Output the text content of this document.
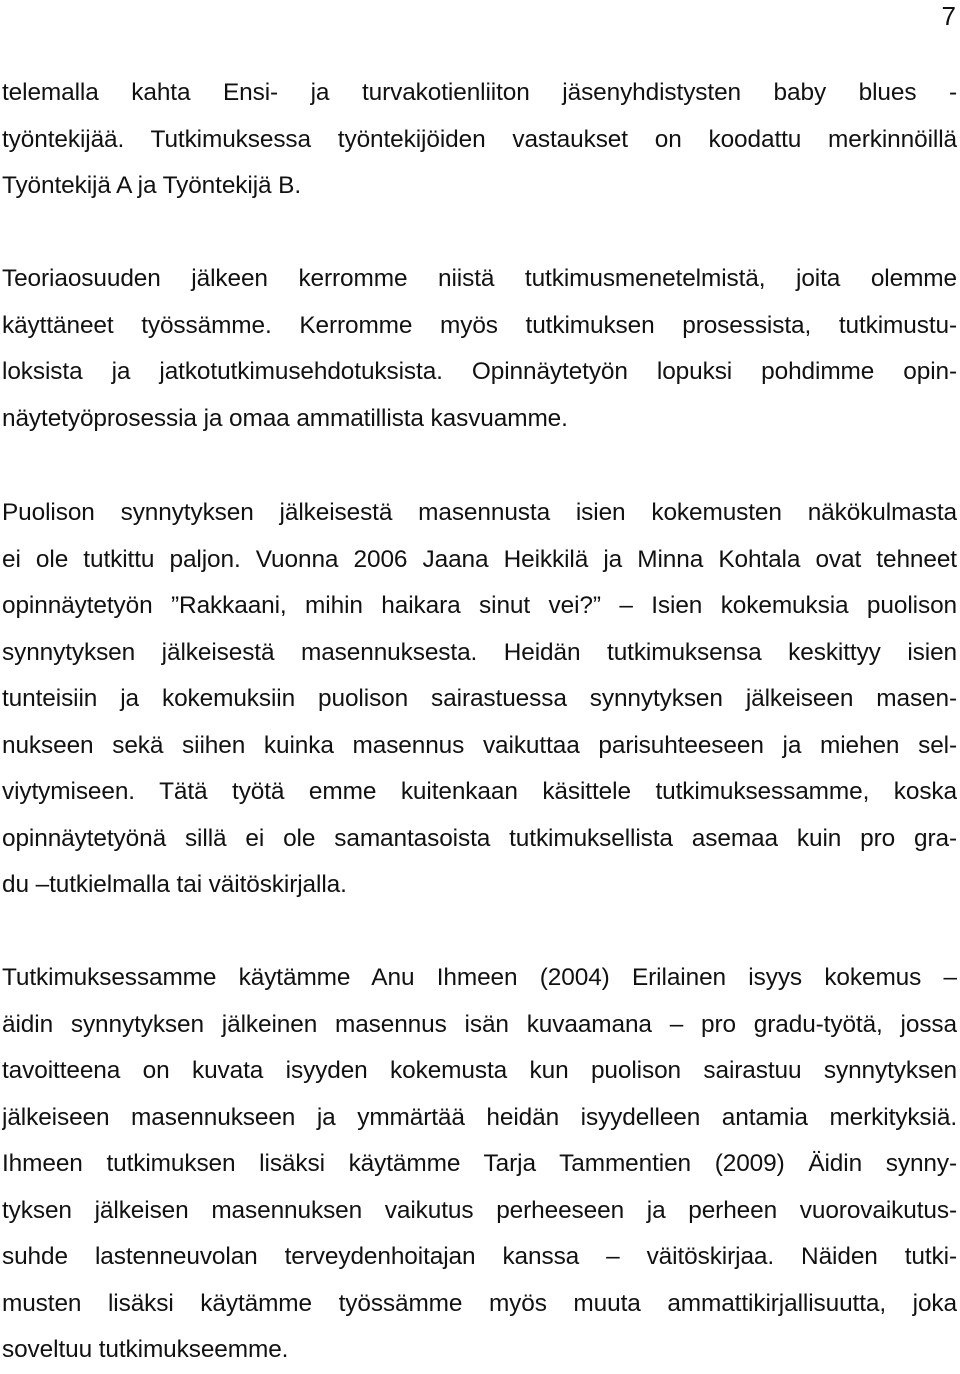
7
telemalla kahta Ensi- ja turvakotienliiton jäsenyhdistysten baby blues -
työntekijää. Tutkimuksessa työntekijöiden vastaukset on koodattu merkinnöillä
Työntekijä A ja Työntekijä B.
Teoriaosuuden jälkeen kerromme niistä tutkimusmenetelmistä, joita olemme
käyttäneet työssämme. Kerromme myös tutkimuksen prosessista, tutkimustu-
loksista ja jatkotutkimusehdotuksista. Opinnäytetyön lopuksi pohdimme opin-
näytetyöprosessia ja omaa ammatillista kasvuamme.
Puolison synnytyksen jälkeisestä masennusta isien kokemusten näkökulmasta
ei ole tutkittu paljon. Vuonna 2006 Jaana Heikkilä ja Minna Kohtala ovat tehneet
opinnäytetyön ”Rakkaani, mihin haikara sinut vei?” – Isien kokemuksia puolison
synnytyksen jälkeisestä masennuksesta. Heidän tutkimuksensa keskittyy isien
tunteisiin ja kokemuksiin puolison sairastuessa synnytyksen jälkeiseen masen-
nukseen sekä siihen kuinka masennus vaikuttaa parisuhteeseen ja miehen sel-
viytymiseen. Tätä työtä emme kuitenkaan käsittele tutkimuksessamme, koska
opinnäytetyönä sillä ei ole samantasoista tutkimuksellista asemaa kuin pro gra-
du –tutkielmalla tai väitöskirjalla.
Tutkimuksessamme käytämme Anu Ihmeen (2004) Erilainen isyys kokemus –
äidin synnytyksen jälkeinen masennus isän kuvaamana – pro gradu-työtä, jossa
tavoitteena on kuvata isyyden kokemusta kun puolison sairastuu synnytyksen
jälkeiseen masennukseen ja ymmärtää heidän isyydelleen antamia merkityksiä.
Ihmeen tutkimuksen lisäksi käytämme Tarja Tammentien (2009) Äidin synny-
tyksen jälkeisen masennuksen vaikutus perheeseen ja perheen vuorovaikutus-
suhde lastenneuvolan terveydenhoitajan kanssa – väitöskirjaa. Näiden tutki-
musten lisäksi käytämme työssämme myös muuta ammattikirjallisuutta, joka
soveltuu tutkimukseemme.
